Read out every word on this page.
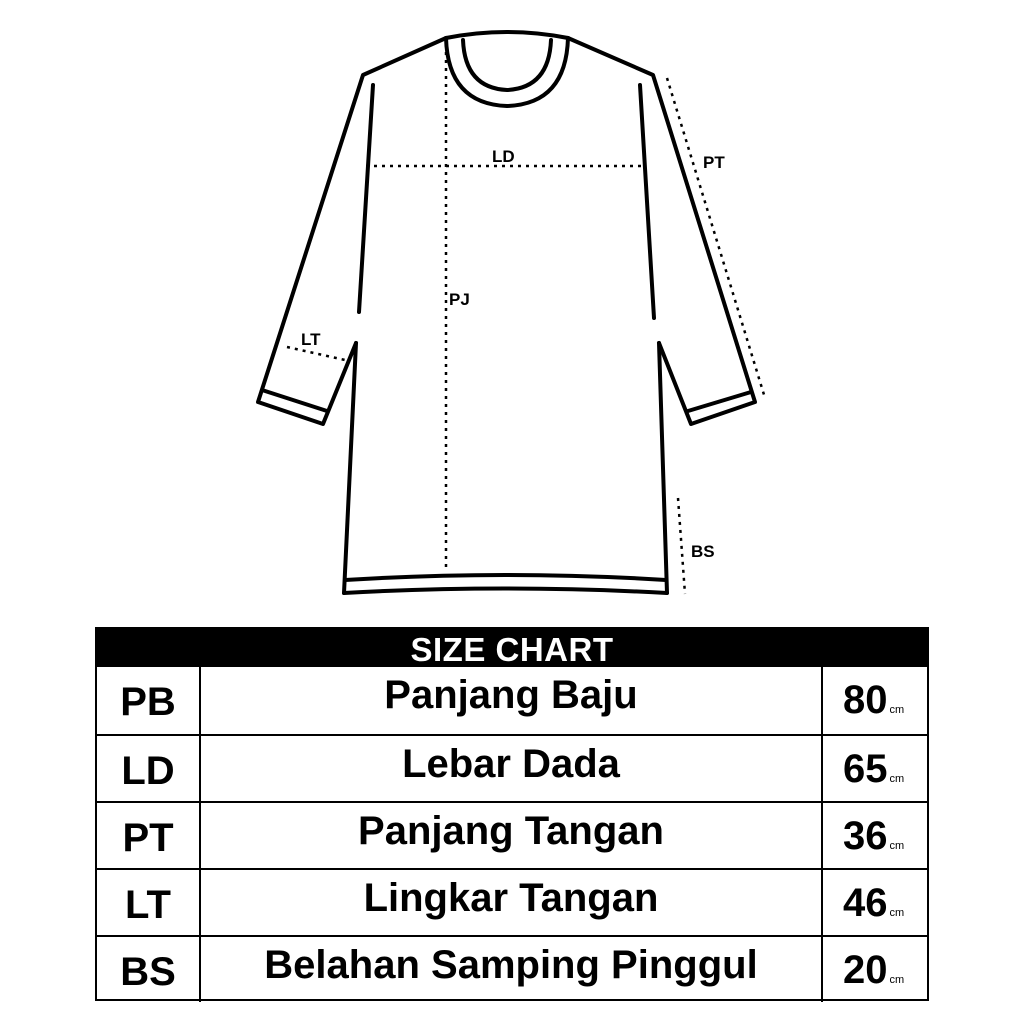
LD	PT
PJ
LT
BS
SIZE CHART
PB	Panjang Baju	80 cm
LD	Lebar Dada	65 cm
PT	Panjang Tangan	36 cm
LT	Lingkar Tangan	46 cm
BS	Belahan Samping Pinggul	20 cm
